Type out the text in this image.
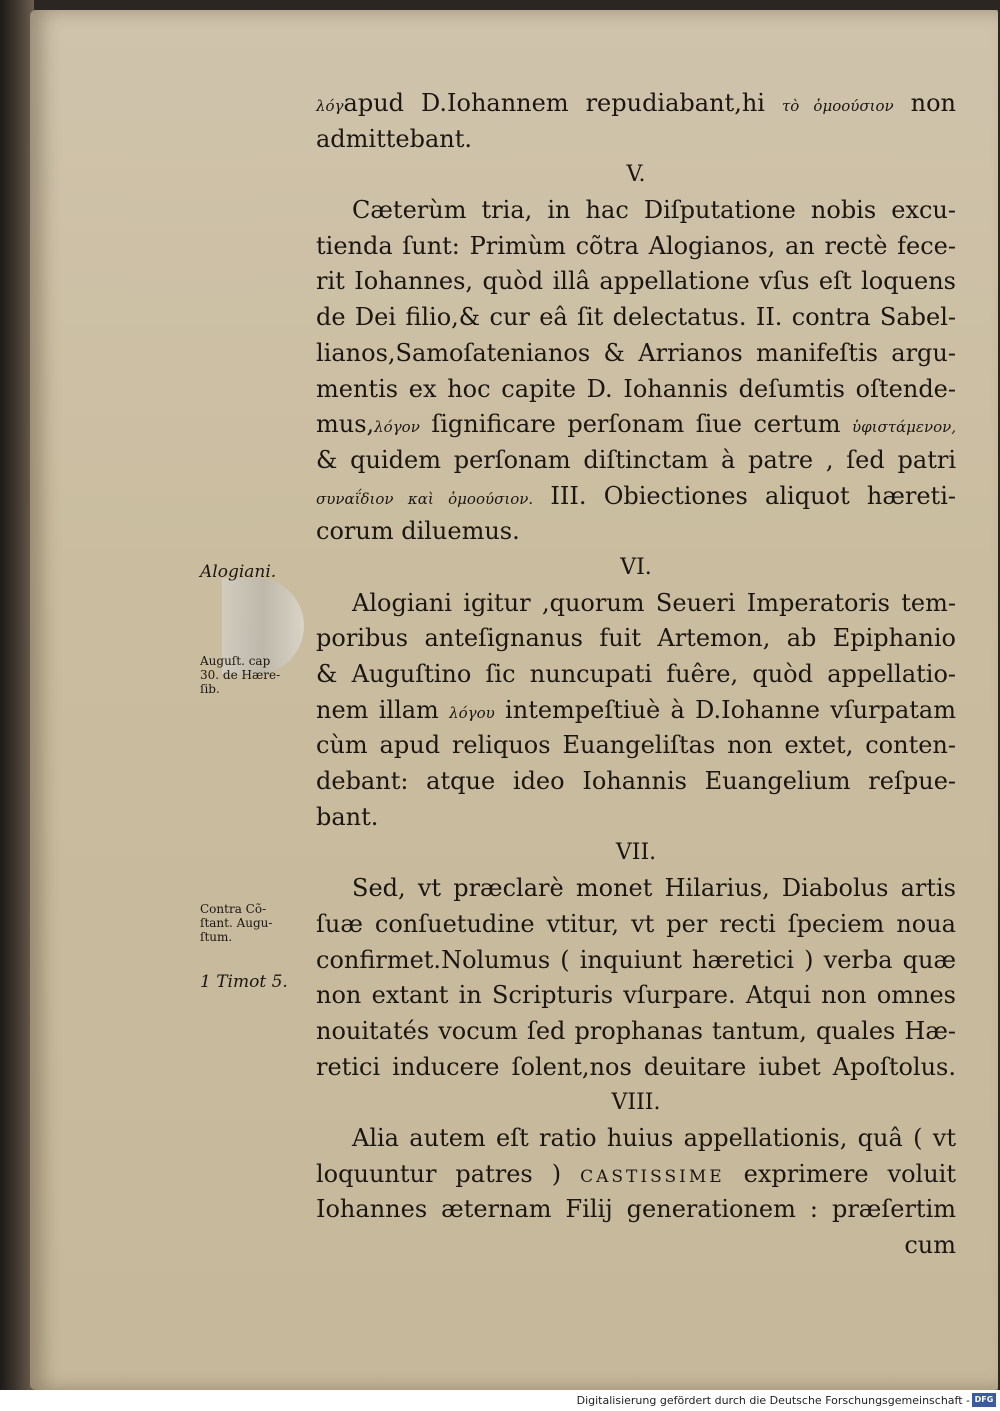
λόγapud D.Iohannem repudiabant,hi τὸ ὁμοούσιον non
admittebant.
V.
Cæterùm tria, in hac Diſputatione nobis excu-
tienda ſunt: Primùm cõtra Alogianos, an rectè fece-
rit Iohannes, quòd illâ appellatione vſus eſt loquens
de Dei filio,& cur eâ ſit delectatus. II. contra Sabel-
lianos,Samoſatenianos & Arrianos manifeſtis argu-
mentis ex hoc capite D. Iohannis deſumtis oſtende-
mus,λόγον ſignificare perſonam ſiue certum ὑφιστάμενον,
& quidem perſonam diſtinctam à patre , ſed patri
συναΐδιον καὶ ὁμοούσιον. III. Obiectiones aliquot hæreti-
corum diluemus.
VI.
Alogiani igitur ,quorum Seueri Imperatoris tem-
poribus anteſignanus fuit Artemon, ab Epiphanio
& Auguſtino ſic nuncupati fuêre, quòd appellatio-
nem illam λόγου intempeſtiuè à D.Iohanne vſurpatam
cùm apud reliquos Euangeliſtas non extet, conten-
debant: atque ideo Iohannis Euangelium reſpue-
bant.
VII.
Sed, vt præclarè monet Hilarius, Diabolus artis
ſuæ conſuetudine vtitur, vt per recti ſpeciem noua
confirmet.Nolumus ( inquiunt hæretici ) verba quæ
non extant in Scripturis vſurpare. Atqui non omnes
nouitatés vocum ſed prophanas tantum, quales Hæ-
retici inducere ſolent,nos deuitare iubet Apoſtolus.
VIII.
Alia autem eſt ratio huius appellationis, quâ ( vt
loquuntur patres ) CASTISSIME exprimere voluit
Iohannes æternam Filij generationem : præſertim
cum
Alogiani.
Auguſt. cap
30. de Hære-
ſib.
Contra Cõ-
ſtant. Augu-
ſtum.
1 Timot 5.
Digitalisierung gefördert durch die Deutsche Forschungsgemeinschaft - DFG
